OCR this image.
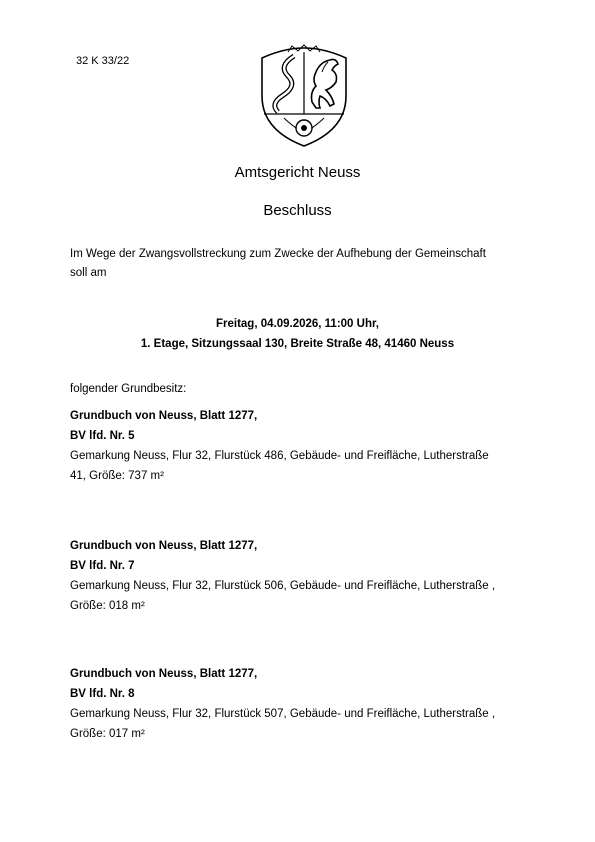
32 K 33/22
Amtsgericht Neuss
Beschluss
Im Wege der Zwangsvollstreckung zum Zwecke der Aufhebung der Gemeinschaft
soll am
Freitag, 04.09.2026, 11:00 Uhr,
1. Etage, Sitzungssaal 130, Breite Straße 48, 41460 Neuss
folgender Grundbesitz:
Grundbuch von Neuss, Blatt 1277,
BV lfd. Nr. 5
Gemarkung Neuss, Flur 32, Flurstück 486, Gebäude- und Freifläche, Lutherstraße
41, Größe: 737 m²
Grundbuch von Neuss, Blatt 1277,
BV lfd. Nr. 7
Gemarkung Neuss, Flur 32, Flurstück 506, Gebäude- und Freifläche, Lutherstraße ,
Größe: 018 m²
Grundbuch von Neuss, Blatt 1277,
BV lfd. Nr. 8
Gemarkung Neuss, Flur 32, Flurstück 507, Gebäude- und Freifläche, Lutherstraße ,
Größe: 017 m²
